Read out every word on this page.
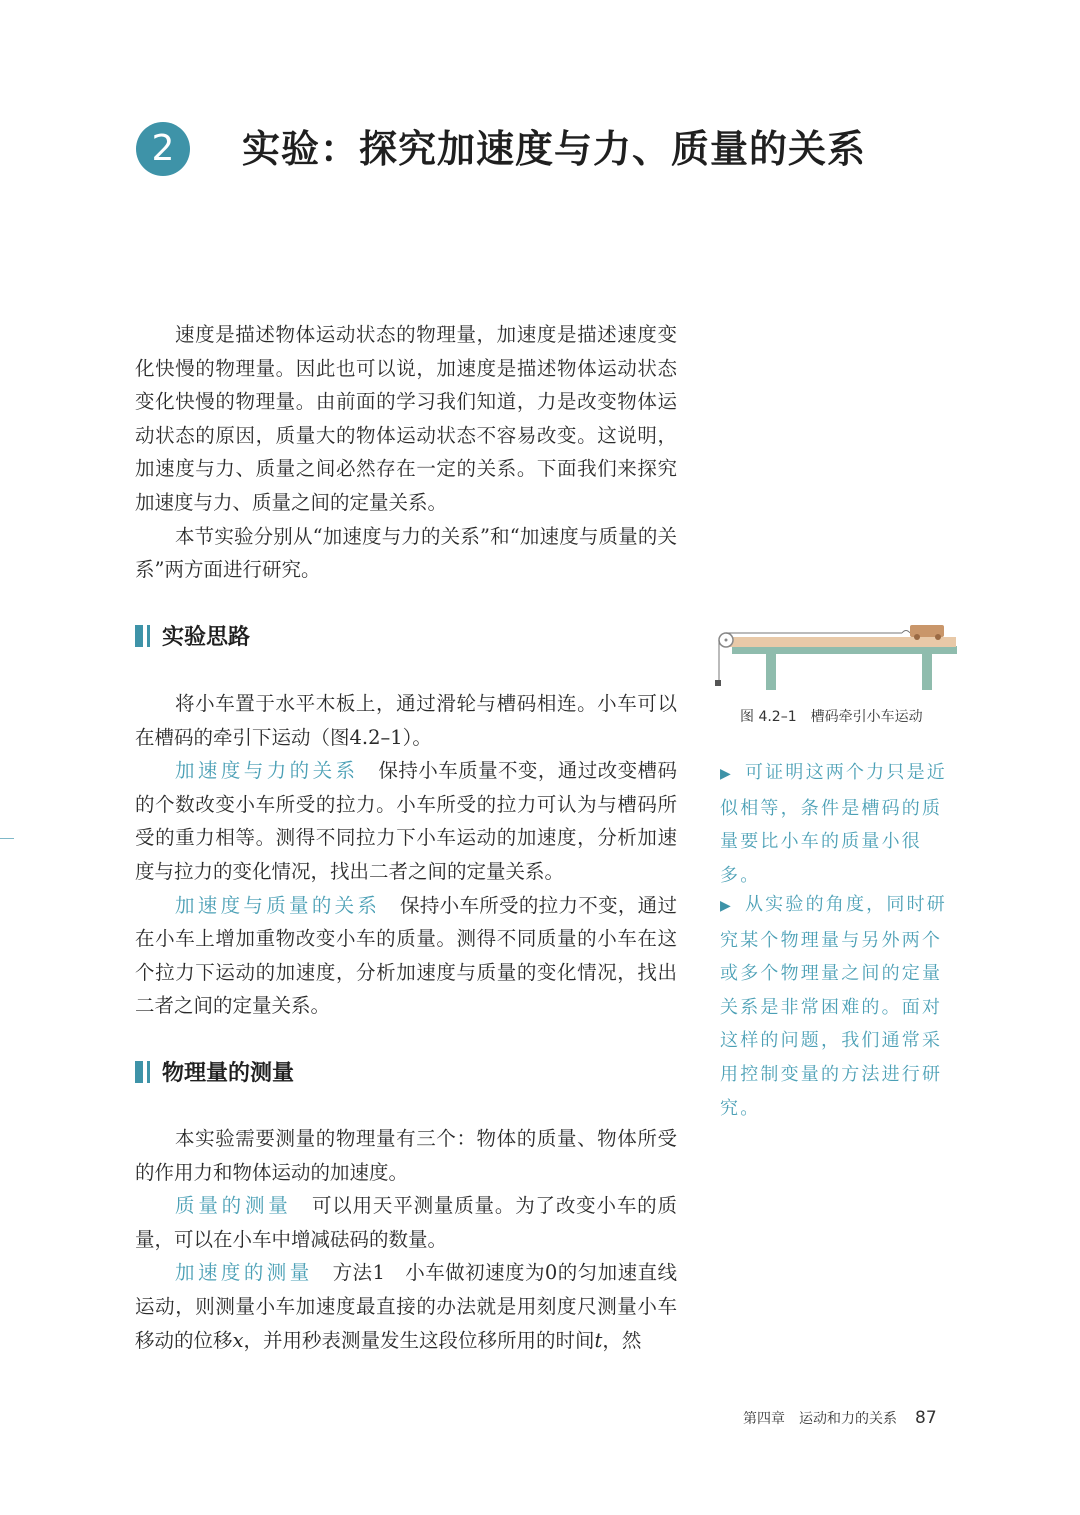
2	实验：探究加速度与力、质量的关系

速度是描述物体运动状态的物理量，加速度是描述速度变化快慢的物理量。因此也可以说，加速度是描述物体运动状态变化快慢的物理量。由前面的学习我们知道，力是改变物体运动状态的原因，质量大的物体运动状态不容易改变。这说明，加速度与力、质量之间必然存在一定的关系。下面我们来探究加速度与力、质量之间的定量关系。

本节实验分别从“加速度与力的关系”和“加速度与质量的关系”两方面进行研究。

实验思路

将小车置于水平木板上，通过滑轮与槽码相连。小车可以在槽码的牵引下运动（图4.2–1）。

加速度与力的关系　 保持小车质量不变，通过改变槽码的个数改变小车所受的拉力。小车所受的拉力可认为与槽码所受的重力相等。测得不同拉力下小车运动的加速度，分析加速度与拉力的变化情况，找出二者之间的定量关系。

加速度与质量的关系　 保持小车所受的拉力不变，通过在小车上增加重物改变小车的质量。测得不同质量的小车在这个拉力下运动的加速度，分析加速度与质量的变化情况，找出二者之间的定量关系。

物理量的测量

本实验需要测量的物理量有三个：物体的质量、物体所受的作用力和物体运动的加速度。

质量的测量　 可以用天平测量质量。为了改变小车的质量，可以在小车中增减砝码的数量。

加速度的测量　 方法1　 小车做初速度为0的匀加速直线运动，则测量小车加速度最直接的办法就是用刻度尺测量小车移动的位移x，并用秒表测量发生这段位移所用的时间t，然

图 4.2–1 槽码牵引小车运动
▶ 可证明这两个力只是近似相等，条件是槽码的质量要比小车的质量小很多。
▶ 从实验的角度，同时研究某个物理量与另外两个或多个物理量之间的定量关系是非常困难的。面对这样的问题，我们通常采用控制变量的方法进行研究。
第四章 运动和力的关系 87
